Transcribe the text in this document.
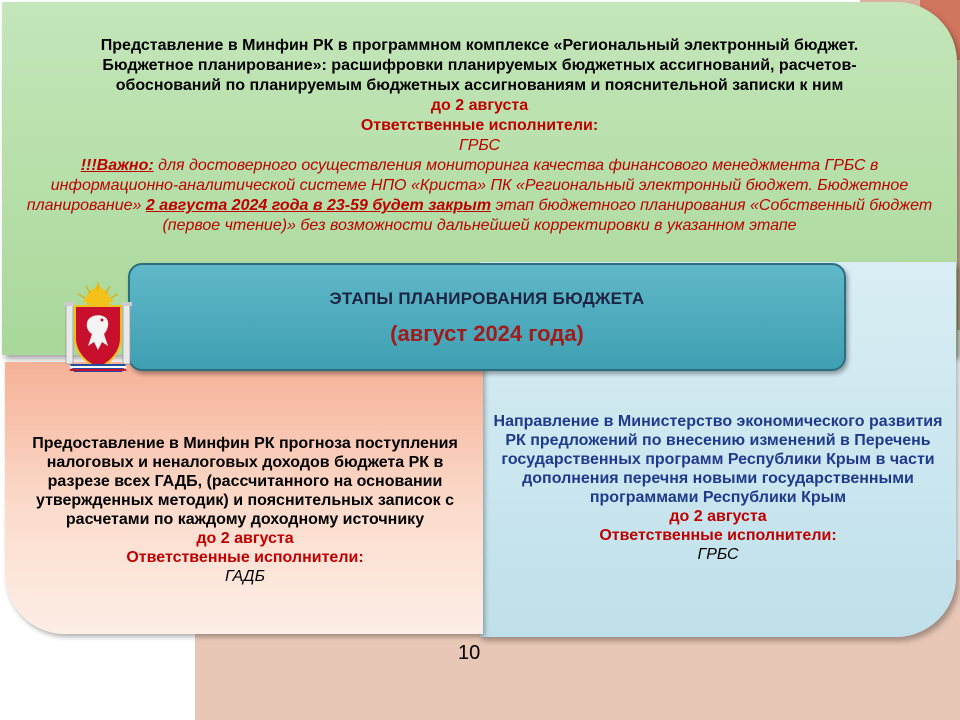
Представление в Минфин РК в программном комплексе «Региональный электронный бюджет.
Бюджетное планирование»: расшифровки планируемых бюджетных ассигнований, расчетов-
обоснований по планируемым бюджетных ассигнованиям и пояснительной записки к ним
до 2 августа
Ответственные исполнители:
ГРБС
!!!Важно: для достоверного осуществления мониторинга качества финансового менеджмента ГРБС в информационно-аналитической системе НПО «Криста» ПК «Региональный электронный бюджет. Бюджетное планирование» 2 августа 2024 года в 23-59 будет закрыт этап бюджетного планирования «Собственный бюджет (первое чтение)» без возможности дальнейшей корректировки в указанном этапе
Направление в Министерство экономического развития РК предложений по внесению изменений в Перечень государственных программ Республики Крым в части дополнения перечня новыми государственными программами Республики Крым
до 2 августа
Ответственные исполнители:
ГРБС
Предоставление в Минфин РК прогноза поступления налоговых и неналоговых доходов бюджета РК в разрезе всех ГАДБ, (рассчитанного на основании утвержденных методик) и пояснительных записок с расчетами по каждому доходному источнику
до 2 августа
Ответственные исполнители:
ГАДБ
ЭТАПЫ ПЛАНИРОВАНИЯ БЮДЖЕТА
(август 2024 года)
10
